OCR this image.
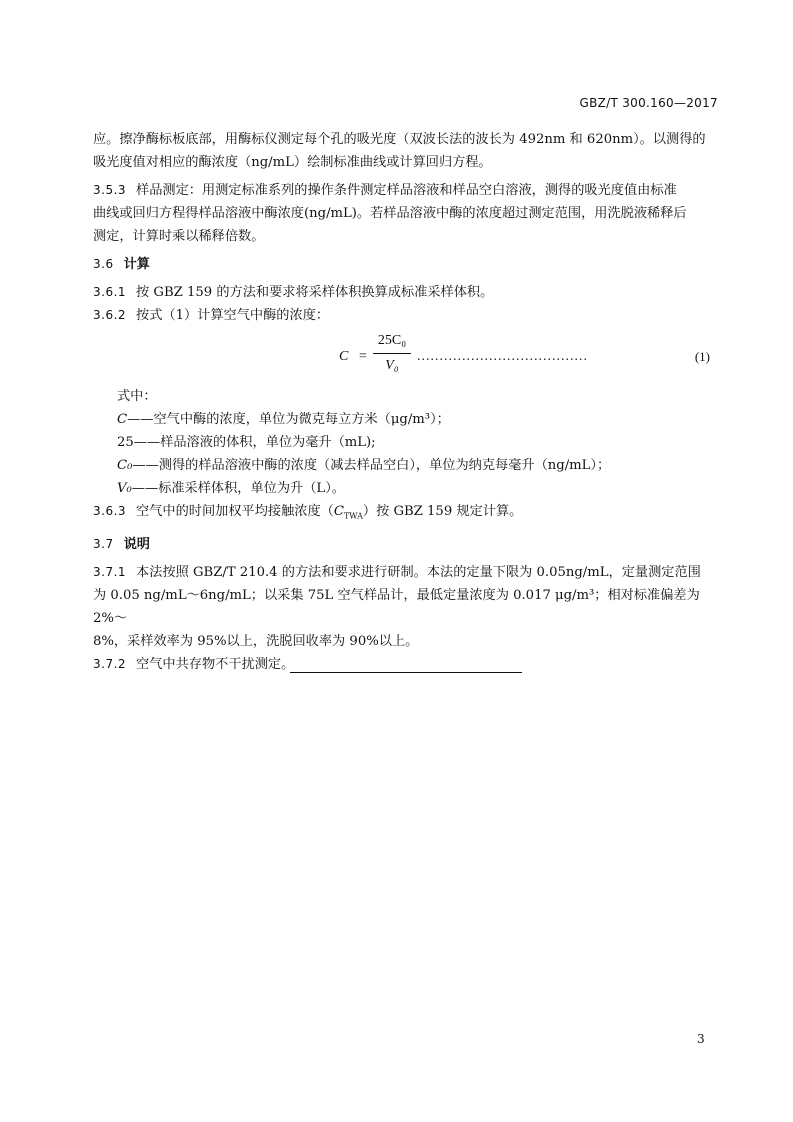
GBZ/T 300.160—2017

应。擦净酶标板底部，用酶标仪测定每个孔的吸光度（双波长法的波长为 492nm 和 620nm）。以测得的

吸光度值对相应的酶浓度（ng/mL）绘制标准曲线或计算回归方程。

3.5.3 样品测定：用测定标准系列的操作条件测定样品溶液和样品空白溶液，测得的吸光度值由标准

曲线或回归方程得样品溶液中酶浓度(ng/mL)。若样品溶液中酶的浓度超过测定范围，用洗脱液稀释后

测定，计算时乘以稀释倍数。

3.6 计算

3.6.1 按 GBZ 159 的方法和要求将采样体积换算成标准采样体积。

3.6.2 按式（1）计算空气中酶的浓度：

C =
25C₀
V₀
......................................	(1)

式中：

C——空气中酶的浓度，单位为微克每立方米（μg/m³）；

25——样品溶液的体积，单位为毫升（mL);

C₀——测得的样品溶液中酶的浓度（减去样品空白），单位为纳克每毫升（ng/mL）；

V₀——标准采样体积，单位为升（L）。

3.6.3 空气中的时间加权平均接触浓度$(C_{TWA})$按 GBZ 159 规定计算。

3.7 说明

3.7.1 本法按照 GBZ/T 210.4 的方法和要求进行研制。本法的定量下限为 0.05ng/mL，定量测定范围

为 0.05 ng/mL～6ng/mL；以采集 75L 空气样品计，最低定量浓度为 0.017 μg/m³；相对标准偏差为 2%～

8%，采样效率为 95%以上，洗脱回收率为 90%以上。

3.7.2 空气中共存物不干扰测定。

3
